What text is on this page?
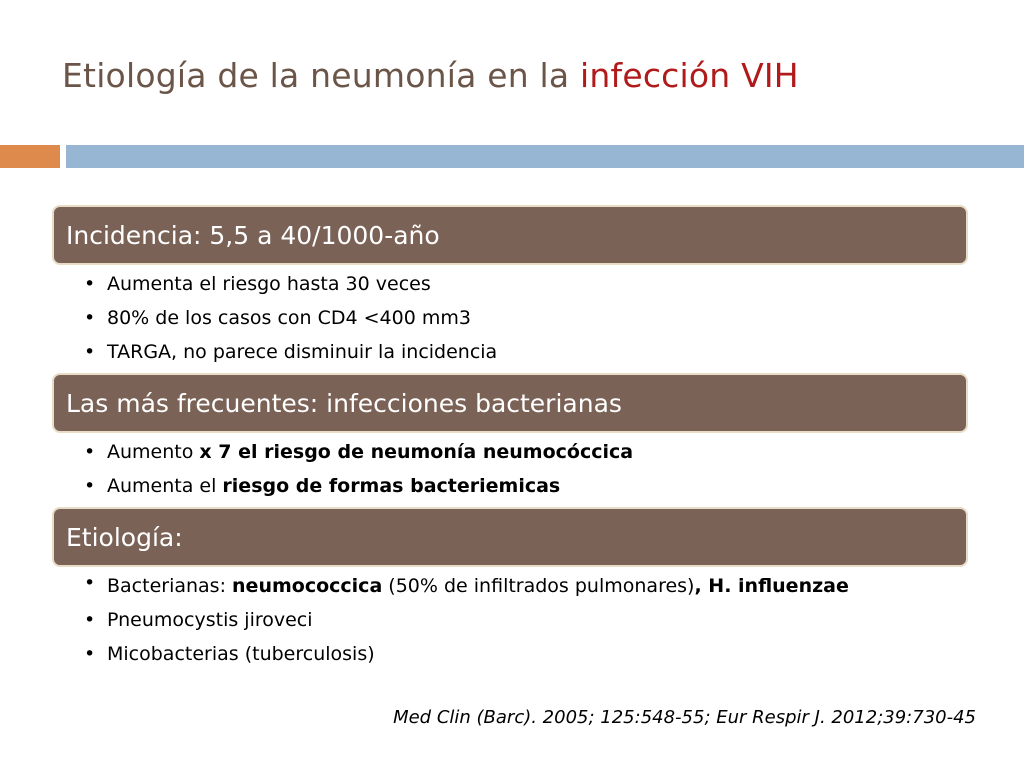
Etiología de la neumonía en la infección VIH
Incidencia: 5,5 a 40/1000-año
• Aumenta el riesgo hasta 30 veces
• 80% de los casos con CD4 <400 mm3
• TARGA, no parece disminuir la incidencia
Las más frecuentes: infecciones bacterianas
• Aumento x 7 el riesgo de neumonía neumocóccica
• Aumenta el riesgo de formas bacteriemicas
Etiología:
• Bacterianas: neumococcica (50% de infiltrados pulmonares), H. influenzae
• Pneumocystis jiroveci
• Micobacterias (tuberculosis)
Med Clin (Barc). 2005; 125:548-55; Eur Respir J. 2012;39:730-45
